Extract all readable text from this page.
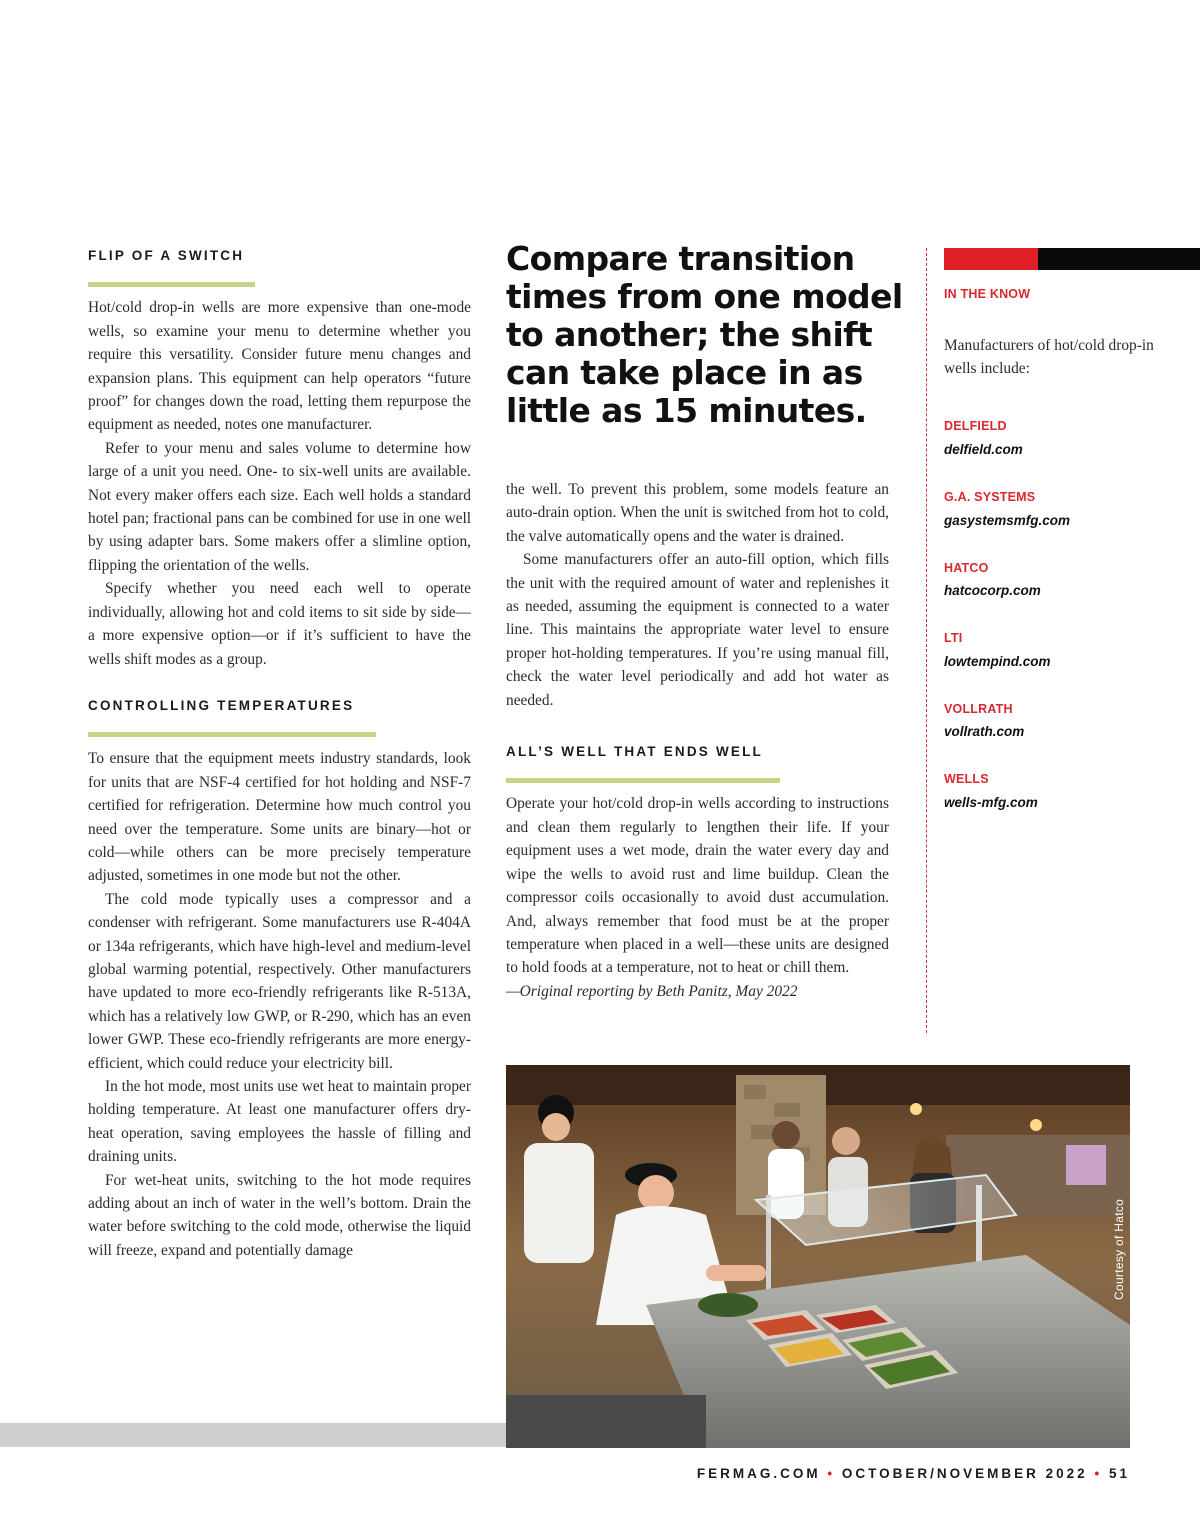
FLIP OF A SWITCH

Hot/cold drop-in wells are more expensive than one-mode wells, so examine your menu to determine whether you require this versatility. Consider future menu changes and expansion plans. This equipment can help operators “future proof” for changes down the road, letting them repurpose the equipment as needed, notes one manufacturer.

Refer to your menu and sales volume to determine how large of a unit you need. One- to six-well units are available. Not every maker offers each size. Each well holds a standard hotel pan; fractional pans can be combined for use in one well by using adapter bars. Some makers offer a slimline option, flipping the orientation of the wells.

Specify whether you need each well to operate individually, allowing hot and cold items to sit side by side—a more expensive option—or if it’s sufficient to have the wells shift modes as a group.

CONTROLLING TEMPERATURES

To ensure that the equipment meets industry standards, look for units that are NSF-4 certified for hot holding and NSF-7 certified for refrigeration. Determine how much control you need over the temperature. Some units are binary—hot or cold—while others can be more precisely temperature adjusted, sometimes in one mode but not the other.

The cold mode typically uses a compressor and a condenser with refrigerant. Some manufacturers use R-404A or 134a refrigerants, which have high-level and medium-level global warming potential, respectively. Other manufacturers have updated to more eco-friendly refrigerants like R-513A, which has a relatively low GWP, or R-290, which has an even lower GWP. These eco-friendly refrigerants are more energy-efficient, which could reduce your electricity bill.

In the hot mode, most units use wet heat to maintain proper holding temperature. At least one manufacturer offers dry-heat operation, saving employees the hassle of filling and draining units.

For wet-heat units, switching to the hot mode requires adding about an inch of water in the well’s bottom. Drain the water before switching to the cold mode, otherwise the liquid will freeze, expand and potentially damage

Compare transition times from one model to another; the shift can take place in as little as 15 minutes.

the well. To prevent this problem, some models feature an auto-drain option. When the unit is switched from hot to cold, the valve automatically opens and the water is drained.

Some manufacturers offer an auto-fill option, which fills the unit with the required amount of water and replenishes it as needed, assuming the equipment is connected to a water line. This maintains the appropriate water level to ensure proper hot-holding temperatures. If you’re using manual fill, check the water level periodically and add hot water as needed.

ALL’S WELL THAT ENDS WELL

Operate your hot/cold drop-in wells according to instructions and clean them regularly to lengthen their life. If your equipment uses a wet mode, drain the water every day and wipe the wells to avoid rust and lime buildup. Clean the compressor coils occasionally to avoid dust accumulation. And, always remember that food must be at the proper temperature when placed in a well—these units are designed to hold foods at a temperature, not to heat or chill them.

—Original reporting by Beth Panitz, May 2022

IN THE KNOW

Manufacturers of hot/cold drop-in wells include:

DELFIELD
delfield.com
G.A. SYSTEMS
gasystemsmfg.com
HATCO
hatcocorp.com
LTI
lowtempind.com
VOLLRATH
vollrath.com
WELLS
wells-mfg.com
Courtesy of Hatco
FERMAG.COM • OCTOBER/NOVEMBER 2022 • 51
